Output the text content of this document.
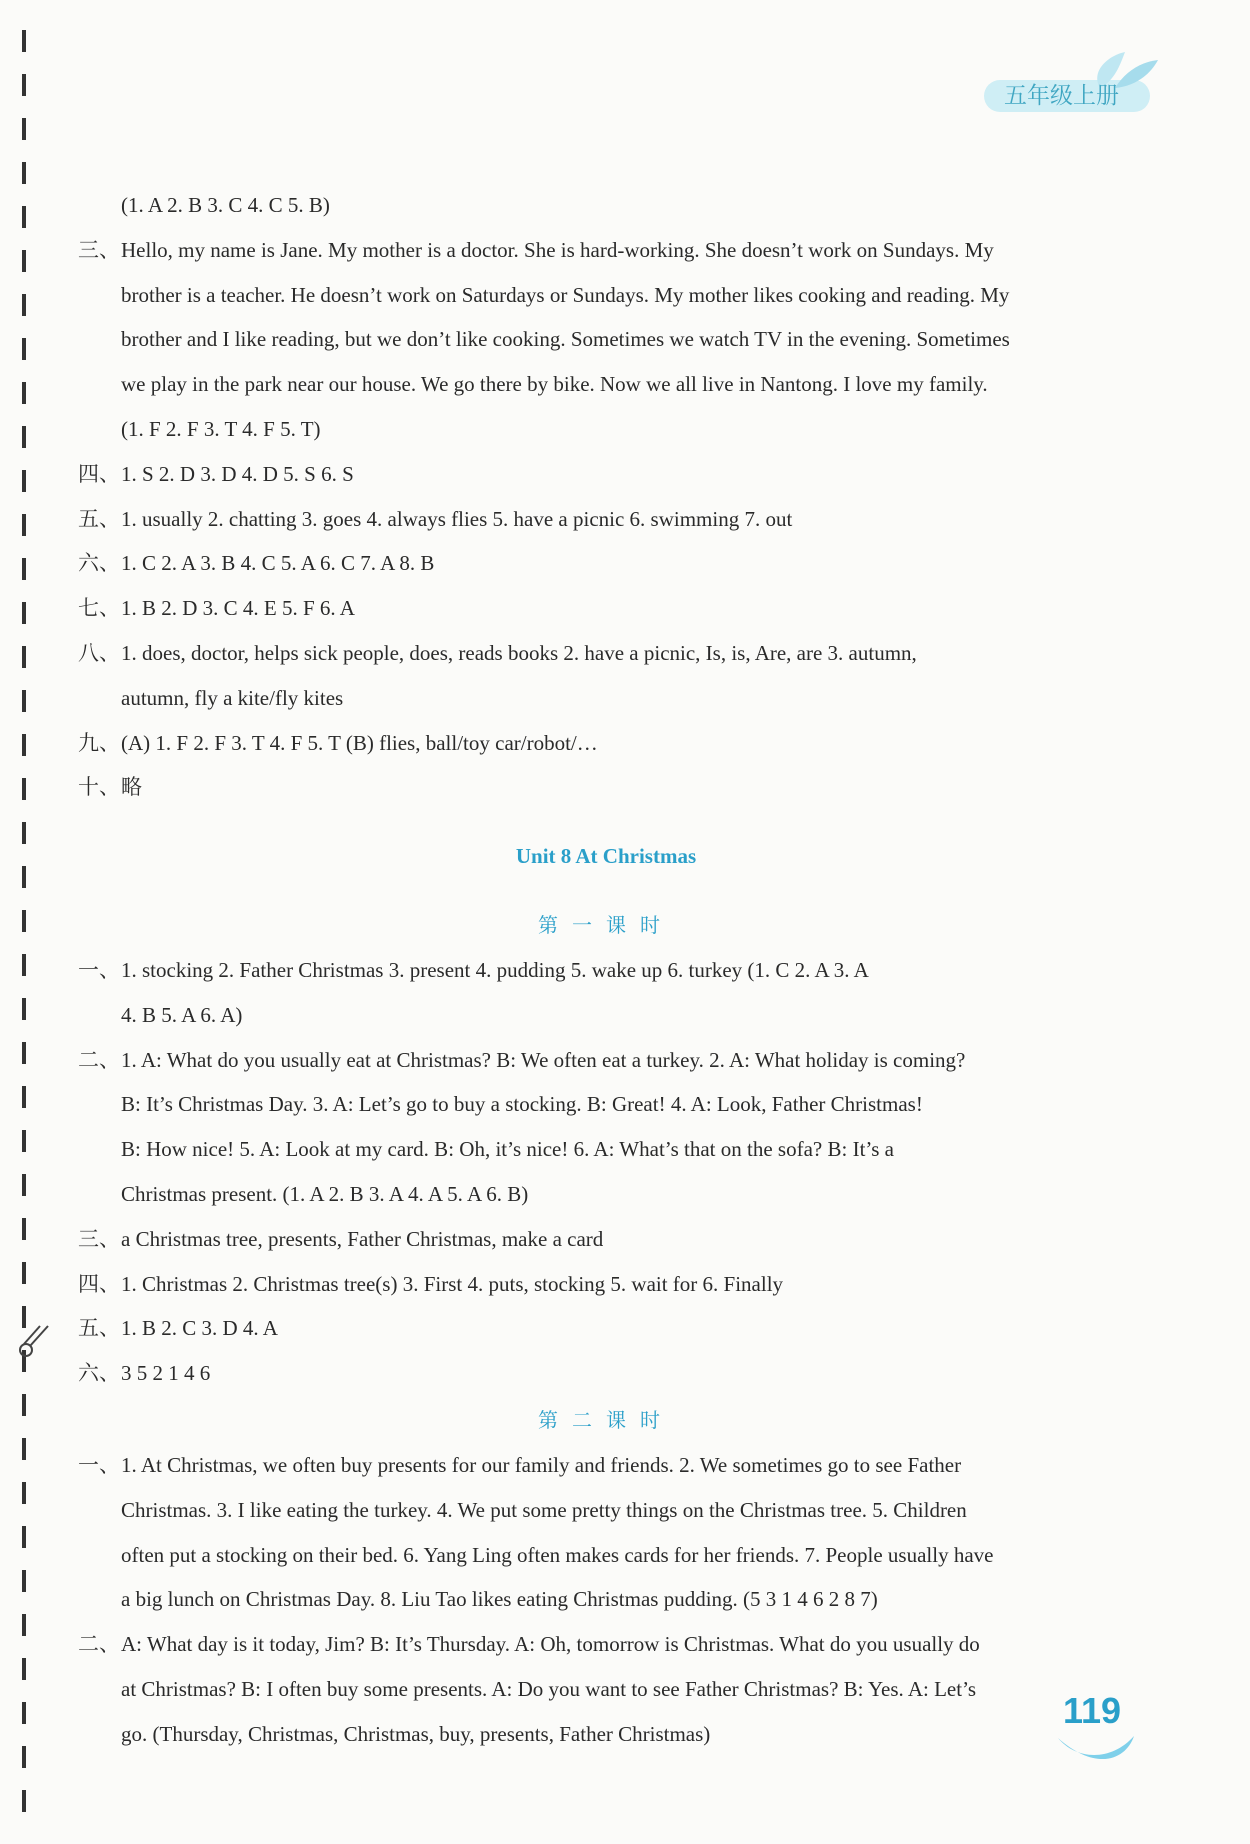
五年级上册
(1. A 2. B 3. C 4. C 5. B)
三、Hello, my name is Jane. My mother is a doctor. She is hard-working. She doesn’t work on Sundays. My
brother is a teacher. He doesn’t work on Saturdays or Sundays. My mother likes cooking and reading. My
brother and I like reading, but we don’t like cooking. Sometimes we watch TV in the evening. Sometimes
we play in the park near our house. We go there by bike. Now we all live in Nantong. I love my family.
(1. F 2. F 3. T 4. F 5. T)
四、1. S 2. D 3. D 4. D 5. S 6. S
五、1. usually 2. chatting 3. goes 4. always flies 5. have a picnic 6. swimming 7. out
六、1. C 2. A 3. B 4. C 5. A 6. C 7. A 8. B
七、1. B 2. D 3. C 4. E 5. F 6. A
八、1. does, doctor, helps sick people, does, reads books 2. have a picnic, Is, is, Are, are 3. autumn,
autumn, fly a kite/fly kites
九、(A) 1. F 2. F 3. T 4. F 5. T (B) flies, ball/toy car/robot/…
十、略
Unit 8 At Christmas
第一课时
一、1. stocking 2. Father Christmas 3. present 4. pudding 5. wake up 6. turkey (1. C 2. A 3. A
4. B 5. A 6. A)
二、1. A: What do you usually eat at Christmas? B: We often eat a turkey. 2. A: What holiday is coming?
B: It’s Christmas Day. 3. A: Let’s go to buy a stocking. B: Great! 4. A: Look, Father Christmas!
B: How nice! 5. A: Look at my card. B: Oh, it’s nice! 6. A: What’s that on the sofa? B: It’s a
Christmas present. (1. A 2. B 3. A 4. A 5. A 6. B)
三、a Christmas tree, presents, Father Christmas, make a card
四、1. Christmas 2. Christmas tree(s) 3. First 4. puts, stocking 5. wait for 6. Finally
五、1. B 2. C 3. D 4. A
六、3 5 2 1 4 6
第二课时
一、1. At Christmas, we often buy presents for our family and friends. 2. We sometimes go to see Father
Christmas. 3. I like eating the turkey. 4. We put some pretty things on the Christmas tree. 5. Children
often put a stocking on their bed. 6. Yang Ling often makes cards for her friends. 7. People usually have
a big lunch on Christmas Day. 8. Liu Tao likes eating Christmas pudding. (5 3 1 4 6 2 8 7)
二、A: What day is it today, Jim? B: It’s Thursday. A: Oh, tomorrow is Christmas. What do you usually do
at Christmas? B: I often buy some presents. A: Do you want to see Father Christmas? B: Yes. A: Let’s
go. (Thursday, Christmas, Christmas, buy, presents, Father Christmas)
119
